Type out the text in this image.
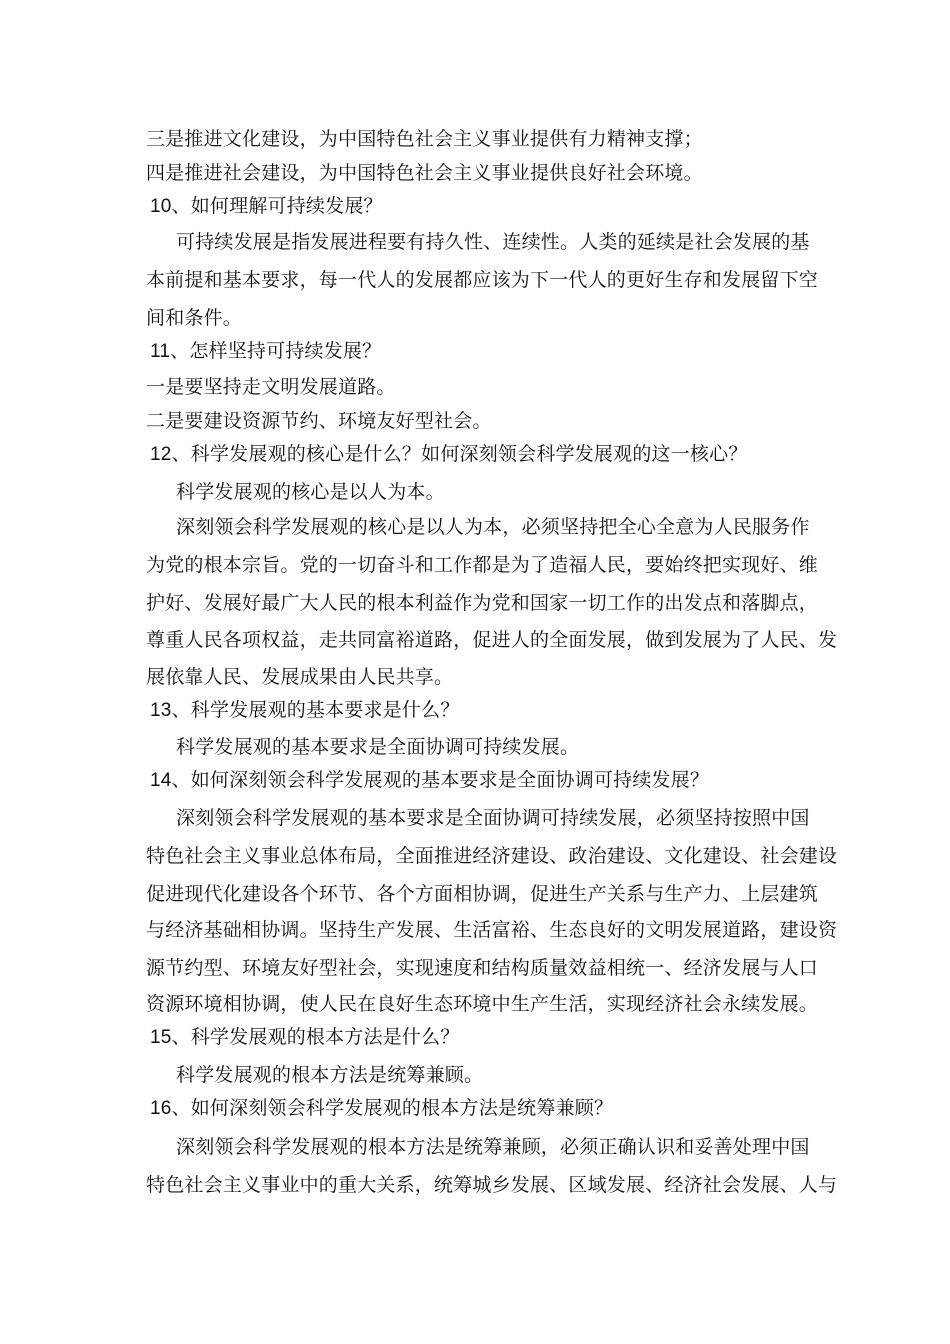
三是推进文化建设，为中国特色社会主义事业提供有力精神支撑；
四是推进社会建设，为中国特色社会主义事业提供良好社会环境。
10、如何理解可持续发展？
可持续发展是指发展进程要有持久性、连续性。人类的延续是社会发展的基
本前提和基本要求，每一代人的发展都应该为下一代人的更好生存和发展留下空
间和条件。
11、怎样坚持可持续发展？
一是要坚持走文明发展道路。
二是要建设资源节约、环境友好型社会。
12、科学发展观的核心是什么？如何深刻领会科学发展观的这一核心？
科学发展观的核心是以人为本。
深刻领会科学发展观的核心是以人为本，必须坚持把全心全意为人民服务作
为党的根本宗旨。党的一切奋斗和工作都是为了造福人民，要始终把实现好、维
护好、发展好最广大人民的根本利益作为党和国家一切工作的出发点和落脚点，
尊重人民各项权益，走共同富裕道路，促进人的全面发展，做到发展为了人民、发
展依靠人民、发展成果由人民共享。
13、科学发展观的基本要求是什么？
科学发展观的基本要求是全面协调可持续发展。
14、如何深刻领会科学发展观的基本要求是全面协调可持续发展？
深刻领会科学发展观的基本要求是全面协调可持续发展，必须坚持按照中国
特色社会主义事业总体布局，全面推进经济建设、政治建设、文化建设、社会建设
促进现代化建设各个环节、各个方面相协调，促进生产关系与生产力、上层建筑
与经济基础相协调。坚持生产发展、生活富裕、生态良好的文明发展道路，建设资
源节约型、环境友好型社会，实现速度和结构质量效益相统一、经济发展与人口
资源环境相协调，使人民在良好生态环境中生产生活，实现经济社会永续发展。
15、科学发展观的根本方法是什么？
科学发展观的根本方法是统筹兼顾。
16、如何深刻领会科学发展观的根本方法是统筹兼顾？
深刻领会科学发展观的根本方法是统筹兼顾，必须正确认识和妥善处理中国
特色社会主义事业中的重大关系，统筹城乡发展、区域发展、经济社会发展、人与
